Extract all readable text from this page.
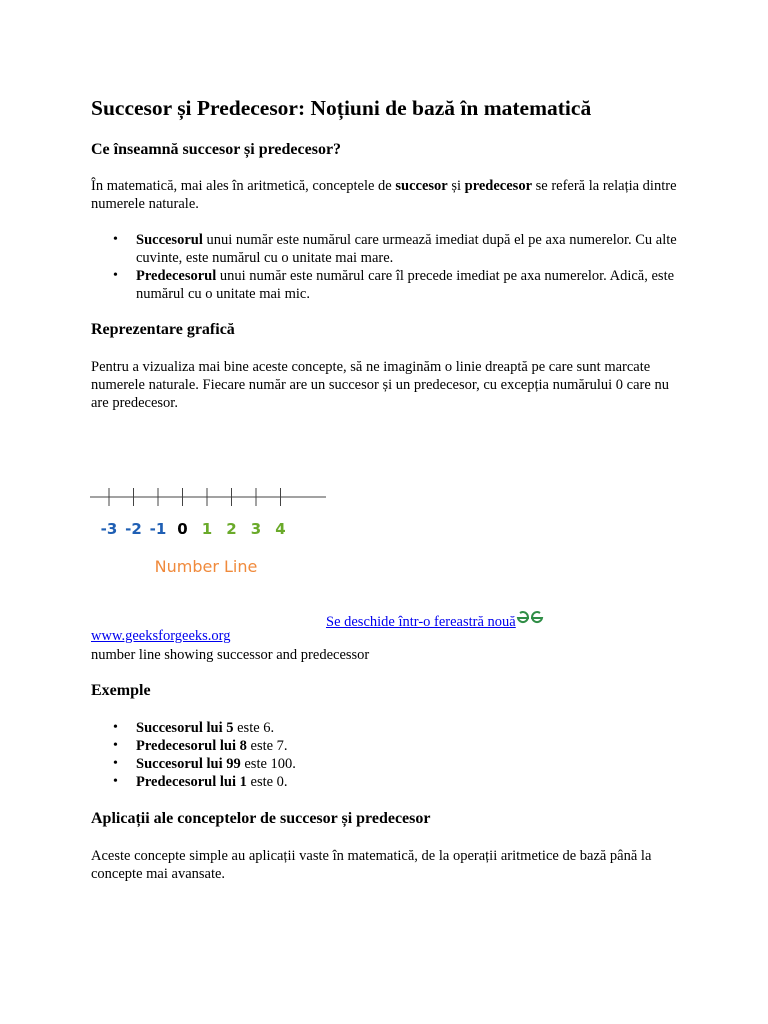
Succesor și Predecesor: Noțiuni de bază în matematică
Ce înseamnă succesor și predecesor?

În matematică, mai ales în aritmetică, conceptele de succesor și predecesor se referă la relația dintre numerele naturale.

• Succesorul unui număr este numărul care urmează imediat după el pe axa numerelor. Cu alte cuvinte, este numărul cu o unitate mai mare.
• Predecesorul unui număr este numărul care îl precede imediat pe axa numerelor. Adică, este numărul cu o unitate mai mic.
Reprezentare grafică

Pentru a vizualiza mai bine aceste concepte, să ne imaginăm o linie dreaptă pe care sunt marcate numerele naturale. Fiecare număr are un succesor și un predecesor, cu excepția numărului 0 care nu are predecesor.

-3 -2 -1 0 1 2 3 4
Number Line
Se deschide într-o fereastră nouă
www.geeksforgeeks.org
number line showing successor and predecessor
Exemple
• Succesorul lui 5 este 6.
• Predecesorul lui 8 este 7.
• Succesorul lui 99 este 100.
• Predecesorul lui 1 este 0.
Aplicații ale conceptelor de succesor și predecesor

Aceste concepte simple au aplicații vaste în matematică, de la operații aritmetice de bază până la concepte mai avansate.
